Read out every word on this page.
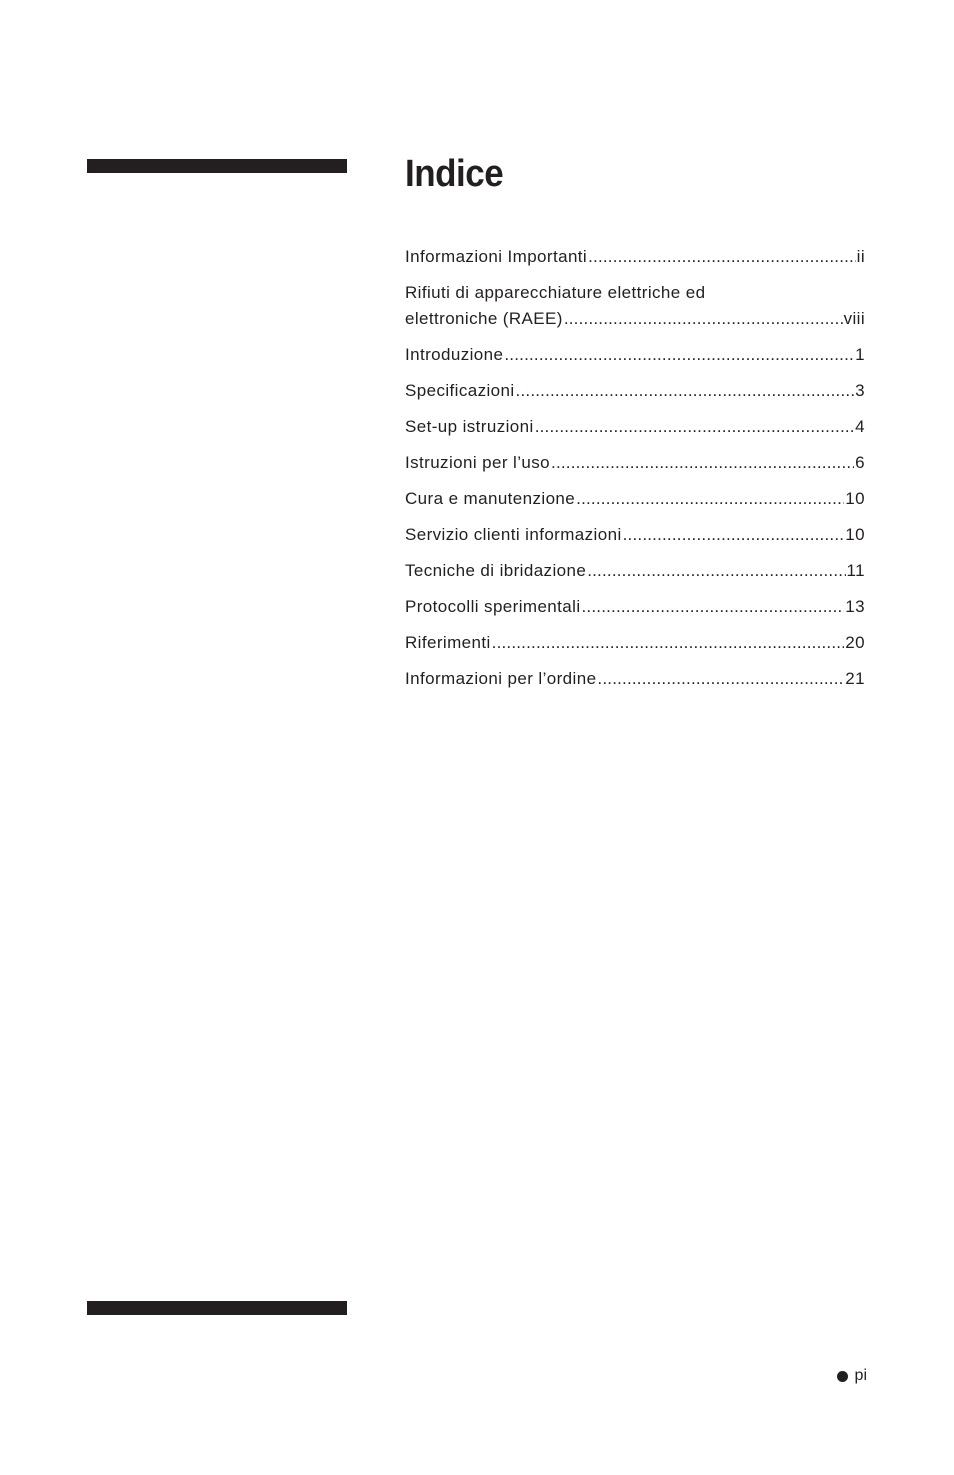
Indice
Informazioni Importanti .....	ii
Rifiuti di apparecchiature elettriche ed
elettroniche (RAEE) .....	viii
Introduzione .....	1
Specificazioni .....	3
Set-up istruzioni .....	4
Istruzioni per l’uso .....	6
Cura e manutenzione .....	10
Servizio clienti informazioni .....	10
Tecniche di ibridazione .....	11
Protocolli sperimentali .....	13
Riferimenti .....	20
Informazioni per l’ordine .....	21
pi
